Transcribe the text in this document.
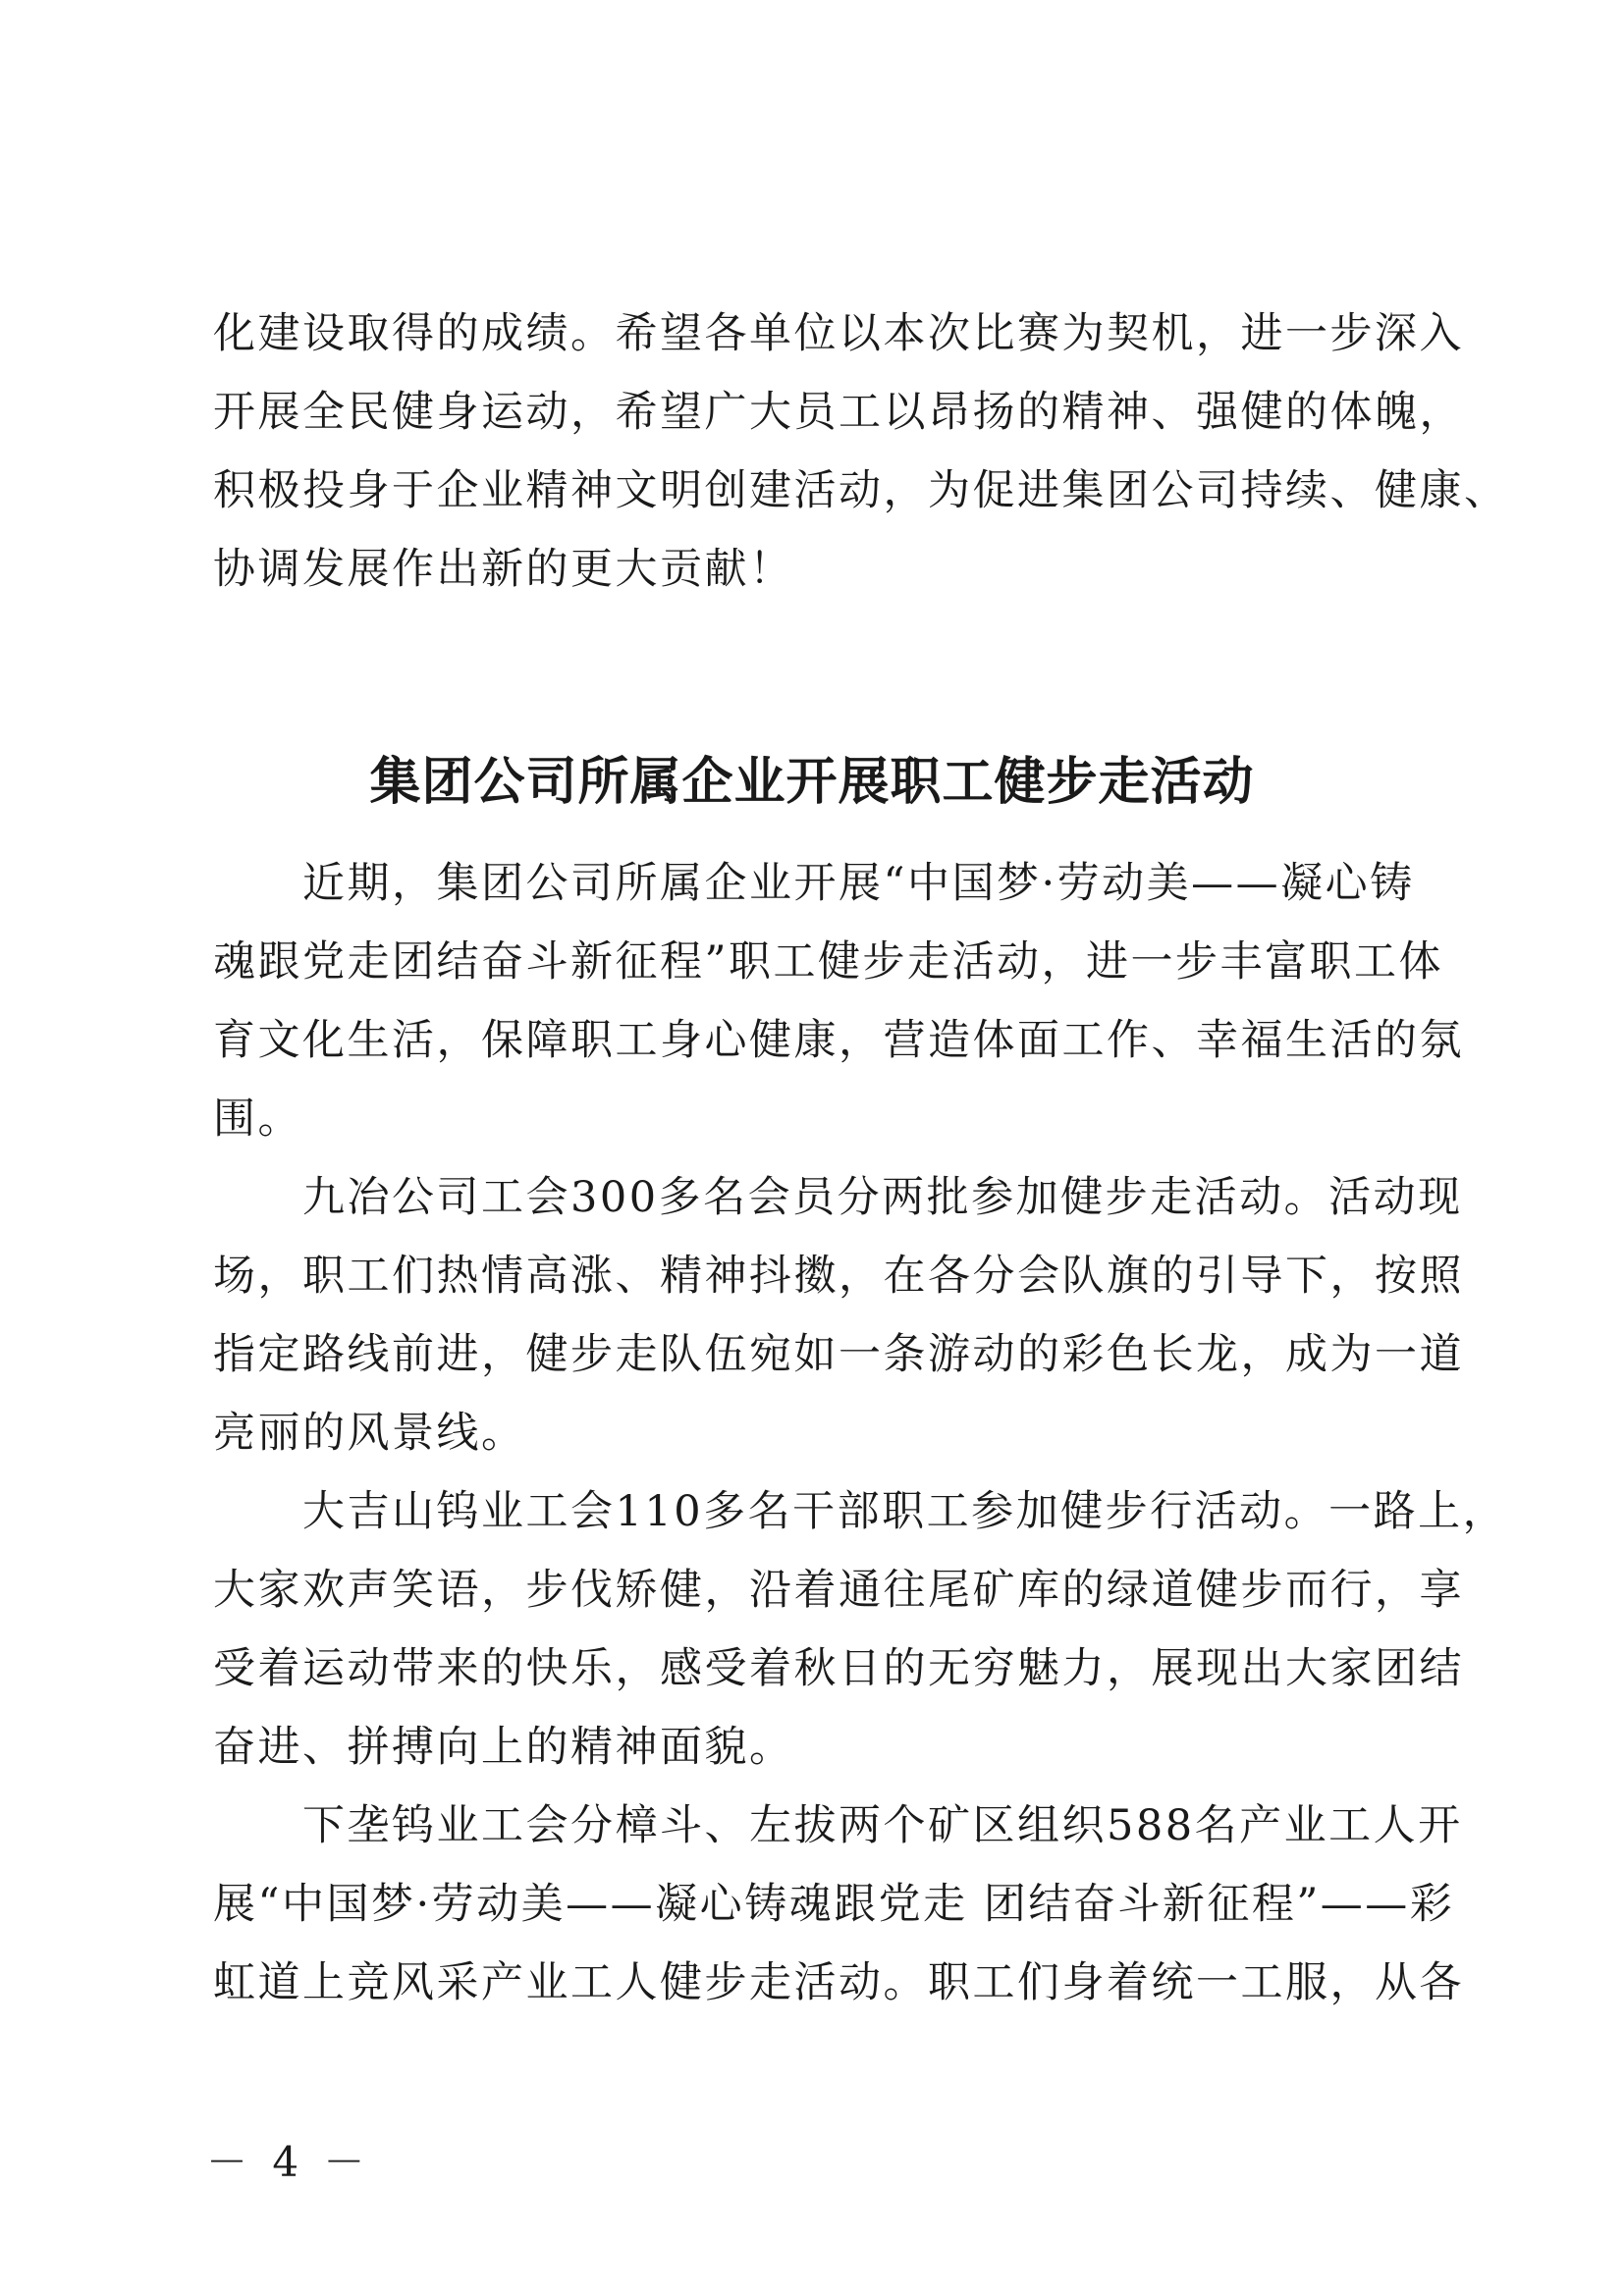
化建设取得的成绩。希望各单位以本次比赛为契机，进一步深入
开展全民健身运动，希望广大员工以昂扬的精神、强健的体魄，
积极投身于企业精神文明创建活动，为促进集团公司持续、健康、
协调发展作出新的更大贡献！
集团公司所属企业开展职工健步走活动
　　近期，集团公司所属企业开展“中国梦·劳动美——凝心铸
魂跟党走团结奋斗新征程”职工健步走活动，进一步丰富职工体
育文化生活，保障职工身心健康，营造体面工作、幸福生活的氛
围。
　　九冶公司工会300多名会员分两批参加健步走活动。活动现
场，职工们热情高涨、精神抖擞，在各分会队旗的引导下，按照
指定路线前进，健步走队伍宛如一条游动的彩色长龙，成为一道
亮丽的风景线。
　　大吉山钨业工会110多名干部职工参加健步行活动。一路上，
大家欢声笑语，步伐矫健，沿着通往尾矿库的绿道健步而行，享
受着运动带来的快乐，感受着秋日的无穷魅力，展现出大家团结
奋进、拼搏向上的精神面貌。
　　下垄钨业工会分樟斗、左拔两个矿区组织588名产业工人开
展“中国梦·劳动美——凝心铸魂跟党走 团结奋斗新征程”——彩
虹道上竞风采产业工人健步走活动。职工们身着统一工服，从各
－ 4 －
